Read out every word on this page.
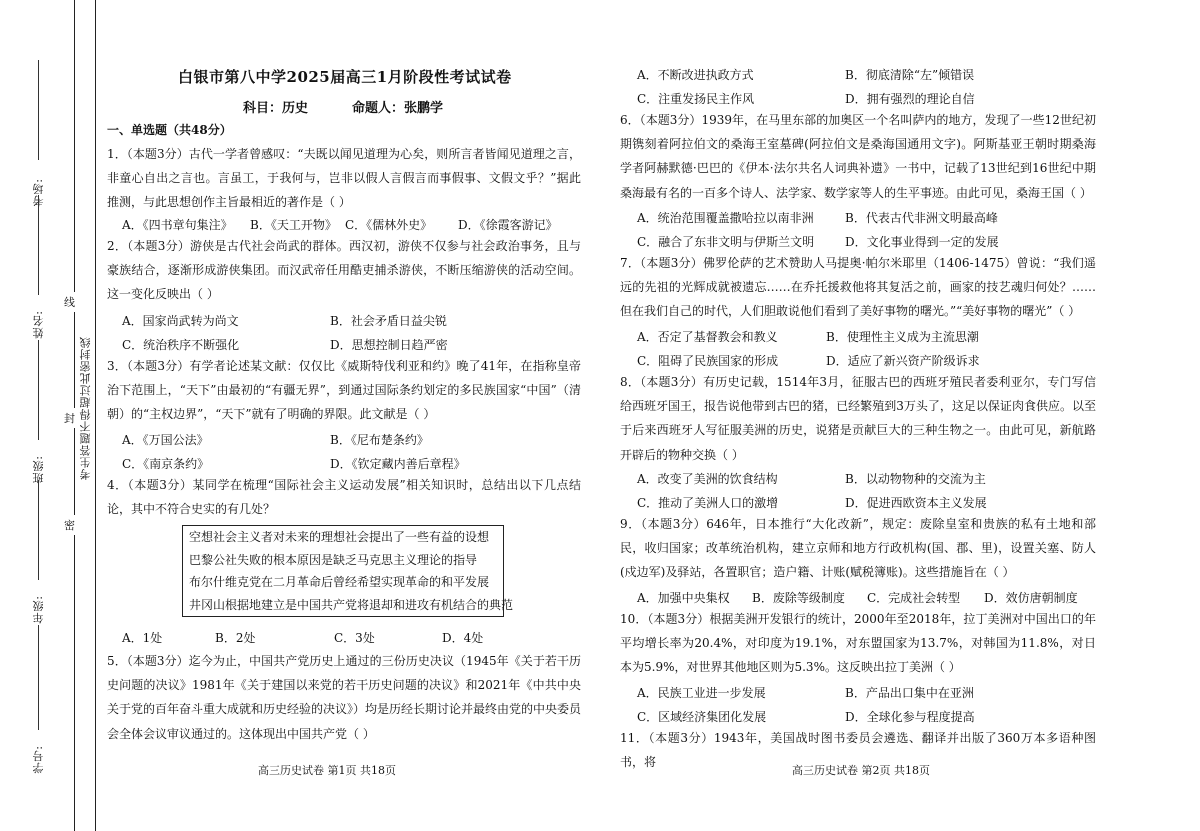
考场:
姓名:
班级:
年级:
学号:
线
封
密
考生答题不得超过此密封线
白银市第八中学2025届高三1月阶段性考试试卷
科目：历史	命题人：张鹏学
一、单选题（共48分）
1．（本题3分）古代一学者曾感叹：“夫既以闻见道理为心矣，则所言者皆闻见道理之言，非童心自出之言也。言虽工，于我何与，岂非以假人言假言而事假事、文假文乎？”据此推测，与此思想创作主旨最相近的著作是（ ）
A．《四书章句集注》 B．《天工开物》 C．《儒林外史》 D．《徐霞客游记》
2．（本题3分）游侠是古代社会尚武的群体。西汉初，游侠不仅参与社会政治事务，且与豪族结合，逐渐形成游侠集团。而汉武帝任用酷吏捕杀游侠，不断压缩游侠的活动空间。这一变化反映出（ ）
A．国家尚武转为尚文	B．社会矛盾日益尖锐
C．统治秩序不断强化	D．思想控制日趋严密
3．（本题3分）有学者论述某文献：仅仅比《威斯特伐利亚和约》晚了41年，在指称皇帝治下范围上，“天下”由最初的“有疆无界”，到通过国际条约划定的多民族国家“中国”（清朝）的“主权边界”，“天下”就有了明确的界限。此文献是（ ）
A．《万国公法》	B．《尼布楚条约》
C．《南京条约》	D．《钦定藏内善后章程》
4．（本题3分）某同学在梳理“国际社会主义运动发展”相关知识时，总结出以下几点结论，其中不符合史实的有几处？
空想社会主义者对未来的理想社会提出了一些有益的设想
巴黎公社失败的根本原因是缺乏马克思主义理论的指导
布尔什维克党在二月革命后曾经希望实现革命的和平发展
井冈山根据地建立是中国共产党将退却和进攻有机结合的典范
A．1处	B．2处	C．3处	D．4处
5．（本题3分）迄今为止，中国共产党历史上通过的三份历史决议（1945年《关于若干历史问题的决议》1981年《关于建国以来党的若干历史问题的决议》和2021年《中共中央关于党的百年奋斗重大成就和历史经验的决议》）均是历经长期讨论并最终由党的中央委员会全体会议审议通过的。这体现出中国共产党（ ）
高三历史试卷 第1页 共18页
A．不断改进执政方式	B．彻底清除“左”倾错误
C．注重发扬民主作风	D．拥有强烈的理论自信
6．（本题3分）1939年，在马里东部的加奥区一个名叫萨内的地方，发现了一些12世纪初期镌刻着阿拉伯文的桑海王室墓碑(阿拉伯文是桑海国通用文字)。阿斯基亚王朝时期桑海学者阿赫默德·巴巴的《伊本·法尔共名人词典补遗》一书中，记载了13世纪到16世纪中期桑海最有名的一百多个诗人、法学家、数学家等人的生平事迹。由此可见，桑海王国（ ）
A．统治范围覆盖撒哈拉以南非洲	B．代表古代非洲文明最高峰
C．融合了东非文明与伊斯兰文明	D．文化事业得到一定的发展
7．（本题3分）佛罗伦萨的艺术赞助人马提奥·帕尔米耶里（1406-1475）曾说：“我们遥远的先祖的光辉成就被遗忘……在乔托援救他将其复活之前，画家的技艺魂归何处？……但在我们自己的时代，人们胆敢说他们看到了美好事物的曙光。”“美好事物的曙光”（ ）
A．否定了基督教会和教义	B．使理性主义成为主流思潮
C．阻碍了民族国家的形成	D．适应了新兴资产阶级诉求
8．（本题3分）有历史记载，1514年3月，征服古巴的西班牙殖民者委利亚尔，专门写信给西班牙国王，报告说他带到古巴的猪，已经繁殖到3万头了，这足以保证肉食供应。以至于后来西班牙人写征服美洲的历史，说猪是贡献巨大的三种生物之一。由此可见，新航路开辟后的物种交换（ ）
A．改变了美洲的饮食结构	B．以动物物种的交流为主
C．推动了美洲人口的激增	D．促进西欧资本主义发展
9．（本题3分）646年，日本推行“大化改新”，规定：废除皇室和贵族的私有土地和部民，收归国家；改革统治机构，建立京师和地方行政机构(国、郡、里)，设置关塞、防人(戍边军)及驿站，各置职官；造户籍、计账(赋税簿账)。这些措施旨在（ ）
A．加强中央集权 B．废除等级制度 C．完成社会转型 D．效仿唐朝制度
10．（本题3分）根据美洲开发银行的统计，2000年至2018年，拉丁美洲对中国出口的年平均增长率为20.4%，对印度为19.1%，对东盟国家为13.7%，对韩国为11.8%，对日本为5.9%，对世界其他地区则为5.3%。这反映出拉丁美洲（ ）
A．民族工业进一步发展	B．产品出口集中在亚洲
C．区域经济集团化发展	D．全球化参与程度提高
11．（本题3分）1943年，美国战时图书委员会遴选、翻译并出版了360万本多语种图书，将
高三历史试卷 第2页 共18页
